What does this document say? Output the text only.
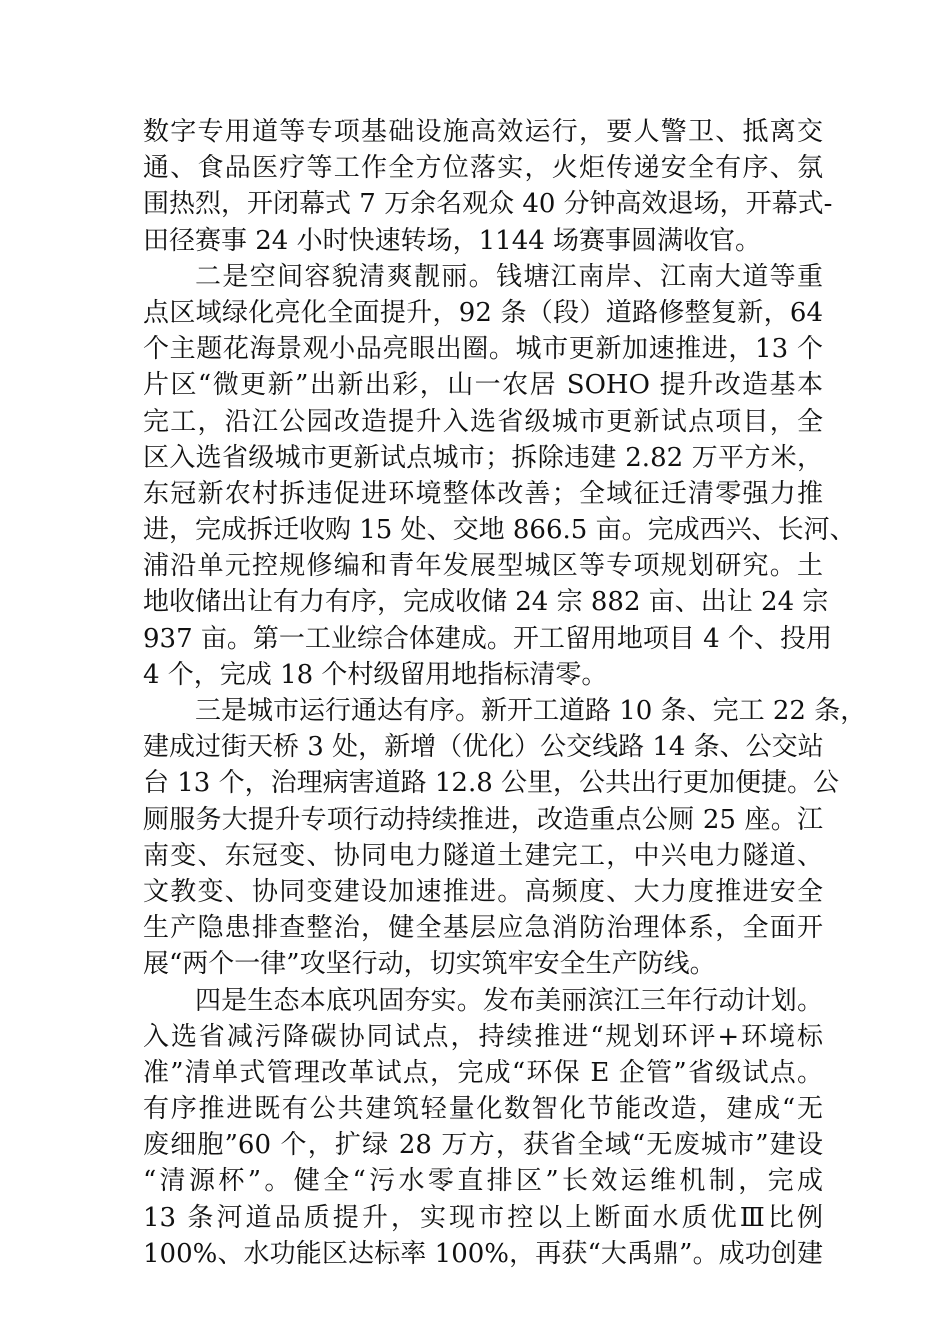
数字专用道等专项基础设施高效运行，要人警卫、抵离交
通、食品医疗等工作全方位落实，火炬传递安全有序、氛
围热烈，开闭幕式 7 万余名观众 40 分钟高效退场，开幕式-
田径赛事 24 小时快速转场，1144 场赛事圆满收官。
二是空间容貌清爽靓丽。钱塘江南岸、江南大道等重
点区域绿化亮化全面提升，92 条（段）道路修整复新，64
个主题花海景观小品亮眼出圈。城市更新加速推进，13 个
片区“微更新”出新出彩，山一农居 SOHO 提升改造基本
完工，沿江公园改造提升入选省级城市更新试点项目，全
区入选省级城市更新试点城市；拆除违建 2.82 万平方米，
东冠新农村拆违促进环境整体改善；全域征迁清零强力推
进，完成拆迁收购 15 处、交地 866.5 亩。完成西兴、长河、
浦沿单元控规修编和青年发展型城区等专项规划研究。土
地收储出让有力有序，完成收储 24 宗 882 亩、出让 24 宗
937 亩。第一工业综合体建成。开工留用地项目 4 个、投用
4 个，完成 18 个村级留用地指标清零。
三是城市运行通达有序。新开工道路 10 条、完工 22 条，
建成过街天桥 3 处，新增（优化）公交线路 14 条、公交站
台 13 个，治理病害道路 12.8 公里，公共出行更加便捷。公
厕服务大提升专项行动持续推进，改造重点公厕 25 座。江
南变、东冠变、协同电力隧道土建完工，中兴电力隧道、
文教变、协同变建设加速推进。高频度、大力度推进安全
生产隐患排查整治，健全基层应急消防治理体系，全面开
展“两个一律”攻坚行动，切实筑牢安全生产防线。
四是生态本底巩固夯实。发布美丽滨江三年行动计划。
入选省减污降碳协同试点，持续推进“规划环评+环境标
准”清单式管理改革试点，完成“环保 E 企管”省级试点。
有序推进既有公共建筑轻量化数智化节能改造，建成“无
废细胞”60 个，扩绿 28 万方，获省全域“无废城市”建设
“清源杯”。健全“污水零直排区”长效运维机制，完成
13 条河道品质提升，实现市控以上断面水质优Ⅲ比例
100%、水功能区达标率 100%，再获“大禹鼎”。成功创建
